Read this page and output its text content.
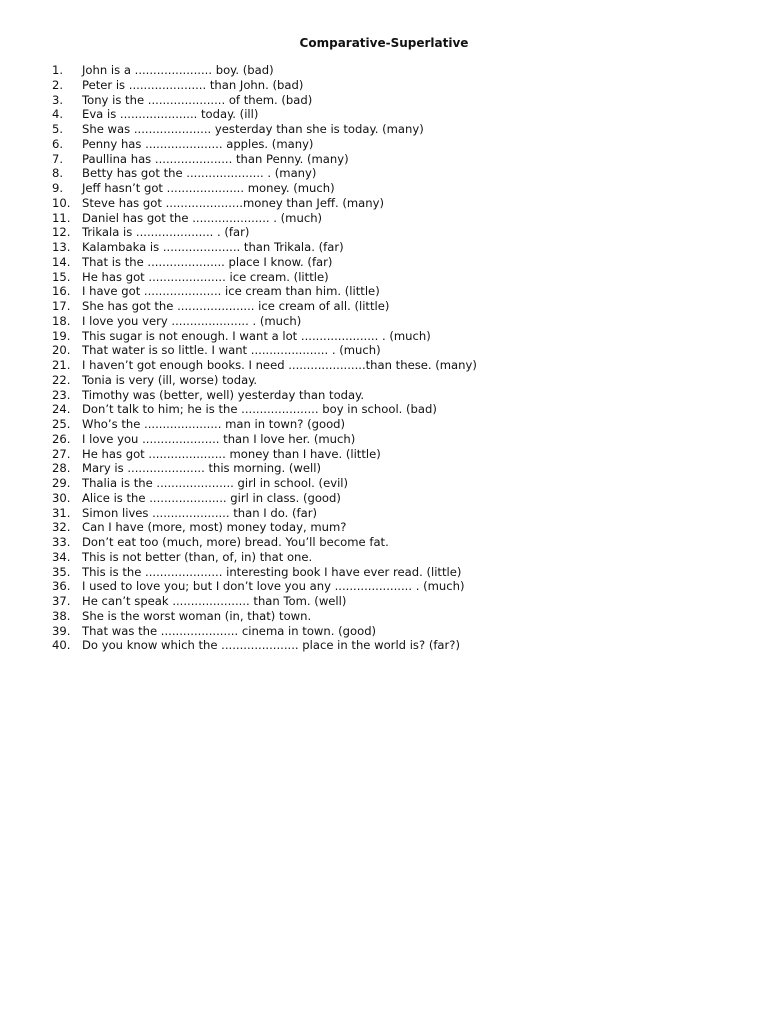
Comparative-Superlative
1.	John is a ..................... boy. (bad)
2.	Peter is ..................... than John. (bad)
3.	Tony is the ..................... of them. (bad)
4.	Eva is ..................... today. (ill)
5.	She was ..................... yesterday than she is today. (many)
6.	Penny has ..................... apples. (many)
7.	Paullina has ..................... than Penny. (many)
8.	Betty has got the ..................... . (many)
9.	Jeff hasn’t got ..................... money. (much)
10. Steve has got .....................money than Jeff. (many)
11. Daniel has got the ..................... . (much)
12. Trikala is ..................... . (far)
13. Kalambaka is ..................... than Trikala. (far)
14. That is the ..................... place I know. (far)
15. He has got ..................... ice cream. (little)
16. I have got ..................... ice cream than him. (little)
17. She has got the ..................... ice cream of all. (little)
18. I love you very ..................... . (much)
19. This sugar is not enough. I want a lot ..................... . (much)
20. That water is so little. I want ..................... . (much)
21. I haven’t got enough books. I need .....................than these. (many)
22. Tonia is very (ill, worse) today.
23. Timothy was (better, well) yesterday than today.
24. Don’t talk to him; he is the ..................... boy in school. (bad)
25. Who’s the ..................... man in town? (good)
26. I love you ..................... than I love her. (much)
27. He has got ..................... money than I have. (little)
28. Mary is ..................... this morning. (well)
29. Thalia is the ..................... girl in school. (evil)
30. Alice is the ..................... girl in class. (good)
31. Simon lives ..................... than I do. (far)
32. Can I have (more, most) money today, mum?
33. Don’t eat too (much, more) bread. You’ll become fat.
34. This is not better (than, of, in) that one.
35. This is the ..................... interesting book I have ever read. (little)
36. I used to love you; but I don’t love you any ..................... . (much)
37. He can’t speak ..................... than Tom. (well)
38. She is the worst woman (in, that) town.
39. That was the ..................... cinema in town. (good)
40. Do you know which the ..................... place in the world is? (far?)
